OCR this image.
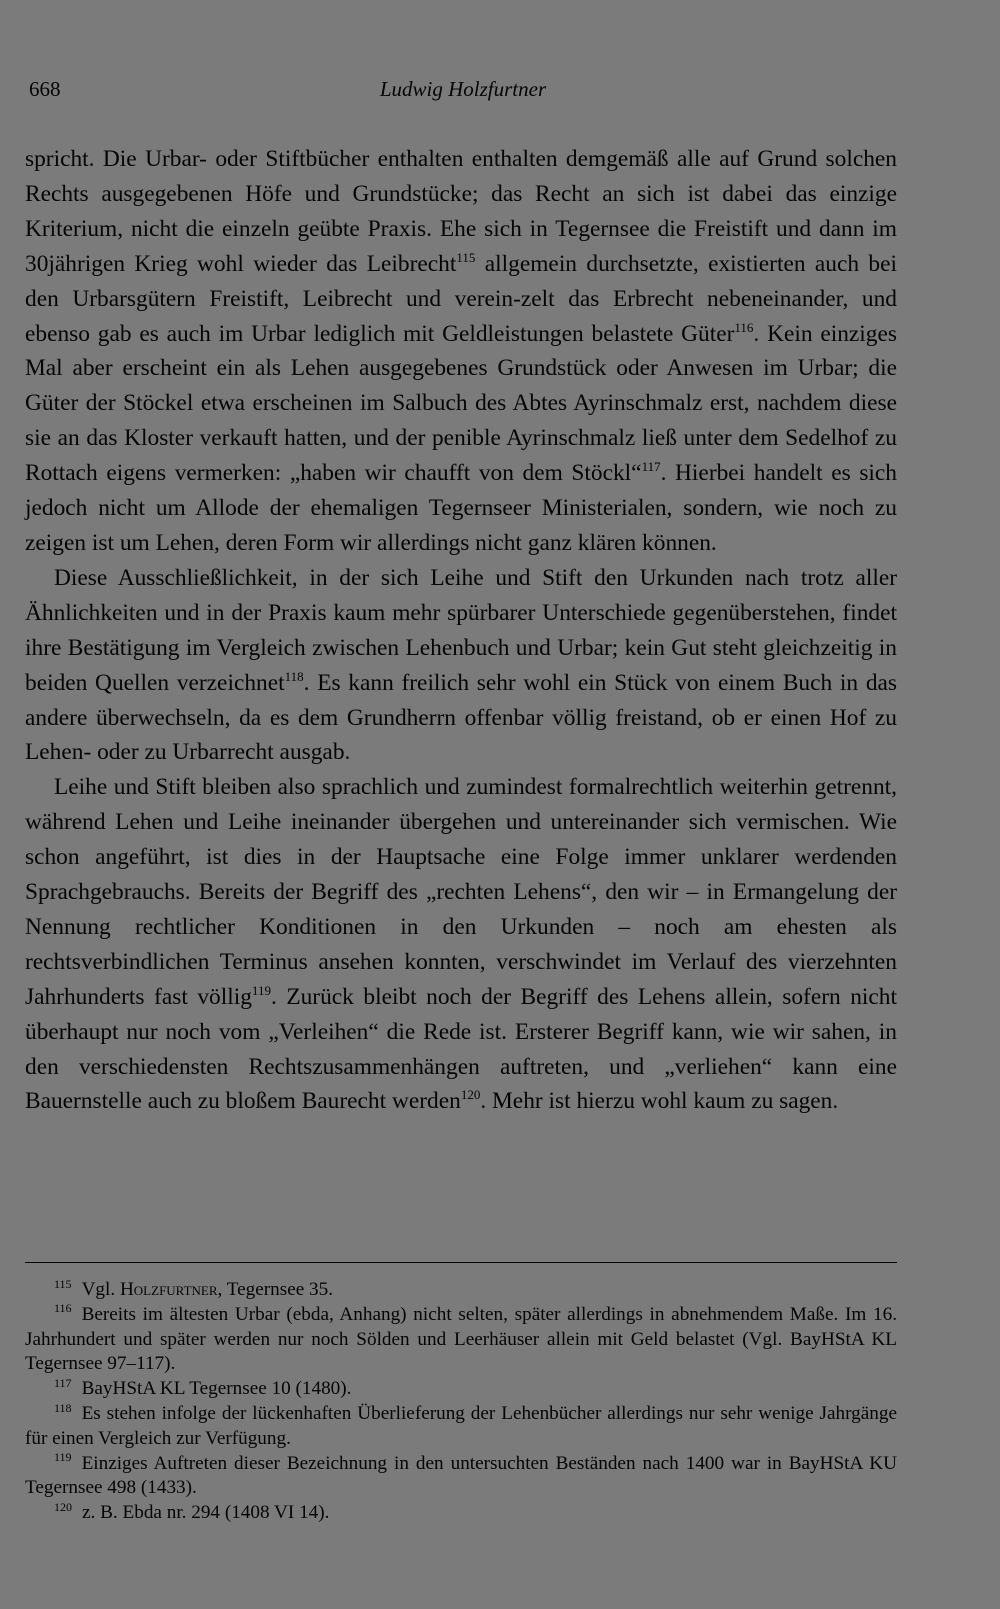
668	Ludwig Holzfurtner

spricht. Die Urbar- oder Stiftbücher enthalten enthalten demgemäß alle auf Grund solchen Rechts ausgegebenen Höfe und Grundstücke; das Recht an sich ist dabei das einzige Kriterium, nicht die einzeln geübte Praxis. Ehe sich in Tegernsee die Freistift und dann im 30jährigen Krieg wohl wieder das Leibrecht$^{115}$ allgemein durchsetzte, existierten auch bei den Urbarsgütern Freistift, Leibrecht und verein-zelt das Erbrecht nebeneinander, und ebenso gab es auch im Urbar lediglich mit Geldleistungen belastete Güter$^{116}$. Kein einziges Mal aber erscheint ein als Lehen ausgegebenes Grundstück oder Anwesen im Urbar; die Güter der Stöckel etwa erscheinen im Salbuch des Abtes Ayrinschmalz erst, nachdem diese sie an das Kloster verkauft hatten, und der penible Ayrinschmalz ließ unter dem Sedelhof zu Rottach eigens vermerken: „haben wir chaufft von dem Stöckl“$^{117}$. Hierbei handelt es sich jedoch nicht um Allode der ehemaligen Tegernseer Ministerialen, sondern, wie noch zu zeigen ist um Lehen, deren Form wir allerdings nicht ganz klären können.

Diese Ausschließlichkeit, in der sich Leihe und Stift den Urkunden nach trotz aller Ähnlichkeiten und in der Praxis kaum mehr spürbarer Unterschiede gegenüberstehen, findet ihre Bestätigung im Vergleich zwischen Lehenbuch und Urbar; kein Gut steht gleichzeitig in beiden Quellen verzeichnet$^{118}$. Es kann freilich sehr wohl ein Stück von einem Buch in das andere überwechseln, da es dem Grundherrn offenbar völlig freistand, ob er einen Hof zu Lehen- oder zu Urbarrecht ausgab.

Leihe und Stift bleiben also sprachlich und zumindest formalrechtlich weiterhin getrennt, während Lehen und Leihe ineinander übergehen und untereinander sich vermischen. Wie schon angeführt, ist dies in der Hauptsache eine Folge immer unklarer werdenden Sprachgebrauchs. Bereits der Begriff des „rechten Lehens“, den wir – in Ermangelung der Nennung rechtlicher Konditionen in den Urkunden – noch am ehesten als rechtsverbindlichen Terminus ansehen konnten, verschwindet im Verlauf des vierzehnten Jahrhunderts fast völlig$^{119}$. Zurück bleibt noch der Begriff des Lehens allein, sofern nicht überhaupt nur noch vom „Verleihen“ die Rede ist. Ersterer Begriff kann, wie wir sahen, in den verschiedensten Rechtszusammenhängen auftreten, und „verliehen“ kann eine Bauernstelle auch zu bloßem Baurecht werden$^{120}$. Mehr ist hierzu wohl kaum zu sagen.

$^{115}$ Vgl. Holzfurtner, Tegernsee 35.

$^{116}$ Bereits im ältesten Urbar (ebda, Anhang) nicht selten, später allerdings in abnehmendem Maße. Im 16. Jahrhundert und später werden nur noch Sölden und Leerhäuser allein mit Geld belastet (Vgl. BayHStA KL Tegernsee 97–117).

$^{117}$ BayHStA KL Tegernsee 10 (1480).

$^{118}$ Es stehen infolge der lückenhaften Überlieferung der Lehenbücher allerdings nur sehr wenige Jahrgänge für einen Vergleich zur Verfügung.

$^{119}$ Einziges Auftreten dieser Bezeichnung in den untersuchten Beständen nach 1400 war in BayHStA KU Tegernsee 498 (1433).

$^{120}$ z. B. Ebda nr. 294 (1408 VI 14).
